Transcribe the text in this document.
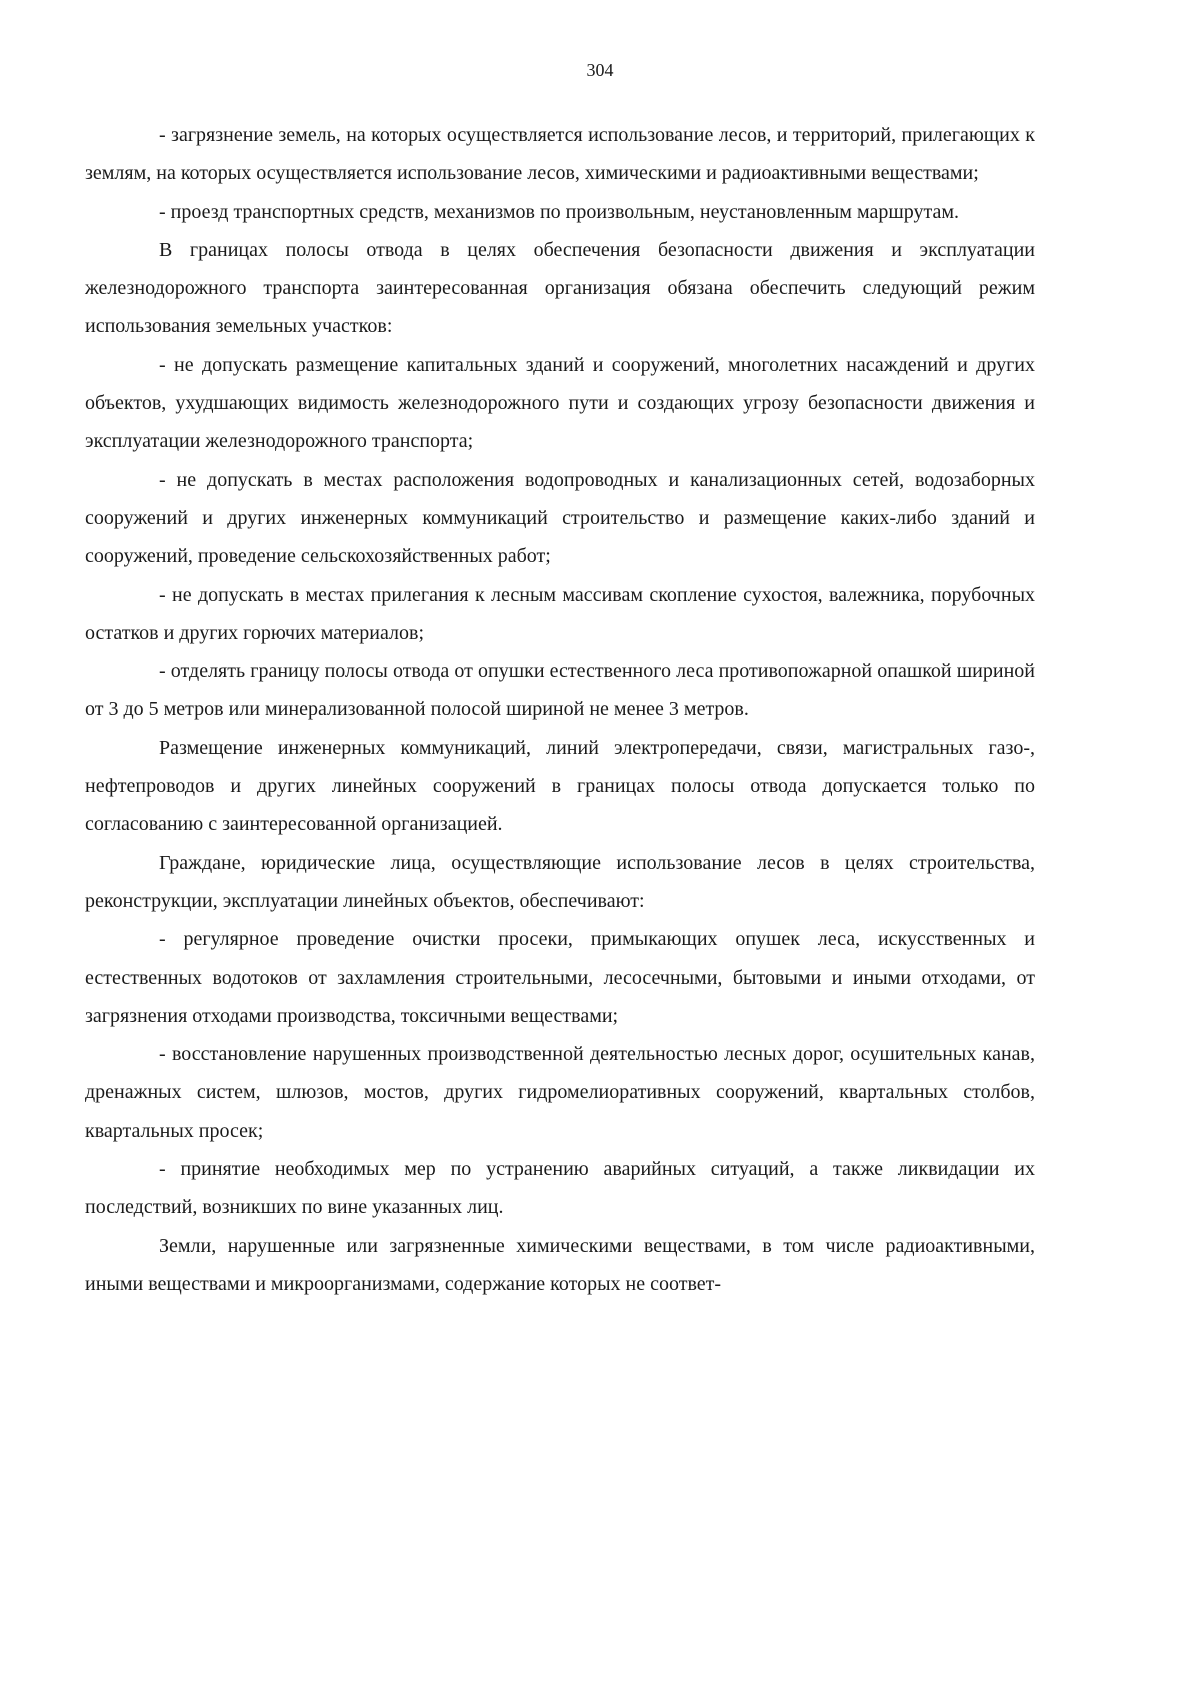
304

- загрязнение земель, на которых осуществляется использование лесов, и территорий, прилегающих к землям, на которых осуществляется использование лесов, химическими и радиоактивными веществами;

- проезд транспортных средств, механизмов по произвольным, неустановленным маршрутам.

В границах полосы отвода в целях обеспечения безопасности движения и эксплуатации железнодорожного транспорта заинтересованная организация обязана обеспечить следующий режим использования земельных участков:

- не допускать размещение капитальных зданий и сооружений, многолетних насаждений и других объектов, ухудшающих видимость железнодорожного пути и создающих угрозу безопасности движения и эксплуатации железнодорожного транспорта;

- не допускать в местах расположения водопроводных и канализационных сетей, водозаборных сооружений и других инженерных коммуникаций строительство и размещение каких-либо зданий и сооружений, проведение сельскохозяйственных работ;

- не допускать в местах прилегания к лесным массивам скопление сухостоя, валежника, порубочных остатков и других горючих материалов;

- отделять границу полосы отвода от опушки естественного леса противопожарной опашкой шириной от 3 до 5 метров или минерализованной полосой шириной не менее 3 метров.

Размещение инженерных коммуникаций, линий электропередачи, связи, магистральных газо-, нефтепроводов и других линейных сооружений в границах полосы отвода допускается только по согласованию с заинтересованной организацией.

Граждане, юридические лица, осуществляющие использование лесов в целях строительства, реконструкции, эксплуатации линейных объектов, обеспечивают:

- регулярное проведение очистки просеки, примыкающих опушек леса, искусственных и естественных водотоков от захламления строительными, лесосечными, бытовыми и иными отходами, от загрязнения отходами производства, токсичными веществами;

- восстановление нарушенных производственной деятельностью лесных дорог, осушительных канав, дренажных систем, шлюзов, мостов, других гидромелиоративных сооружений, квартальных столбов, квартальных просек;

- принятие необходимых мер по устранению аварийных ситуаций, а также ликвидации их последствий, возникших по вине указанных лиц.

Земли, нарушенные или загрязненные химическими веществами, в том числе радиоактивными, иными веществами и микроорганизмами, содержание которых не соответ-
